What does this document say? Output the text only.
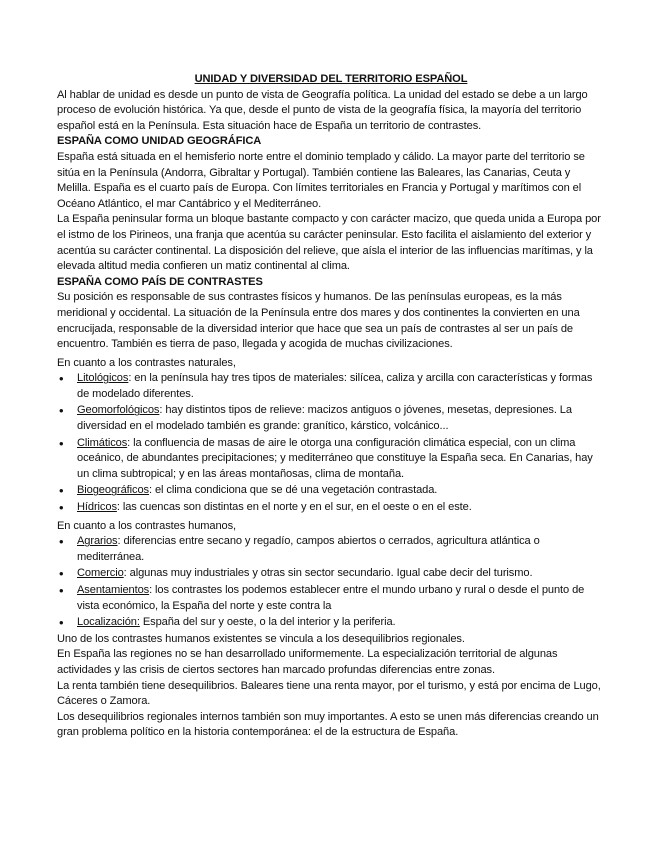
UNIDAD Y DIVERSIDAD DEL TERRITORIO ESPAÑOL

Al hablar de unidad es desde un punto de vista de Geografía política. La unidad del estado se debe a un largo proceso de evolución histórica. Ya que, desde el punto de vista de la geografía física, la mayoría del territorio español está en la Península. Esta situación hace de España un territorio de contrastes.

ESPAÑA COMO UNIDAD GEOGRÁFICA

España está situada en el hemisferio norte entre el dominio templado y cálido. La mayor parte del territorio se sitúa en la Península (Andorra, Gibraltar y Portugal). También contiene las Baleares, las Canarias, Ceuta y Melilla. España es el cuarto país de Europa. Con límites territoriales en Francia y Portugal y marítimos con el Océano Atlántico, el mar Cantábrico y el Mediterráneo.

La España peninsular forma un bloque bastante compacto y con carácter macizo, que queda unida a Europa por el istmo de los Pirineos, una franja que acentúa su carácter peninsular. Esto facilita el aislamiento del exterior y acentúa su carácter continental. La disposición del relieve, que aísla el interior de las influencias marítimas, y la elevada altitud media confieren un matiz continental al clima.

ESPAÑA COMO PAÍS DE CONTRASTES

Su posición es responsable de sus contrastes físicos y humanos. De las penínsulas europeas, es la más meridional y occidental. La situación de la Península entre dos mares y dos continentes la convierten en una encrucijada, responsable de la diversidad interior que hace que sea un país de contrastes al ser un país de encuentro. También es tierra de paso, llegada y acogida de muchas civilizaciones.

En cuanto a los contrastes naturales,

• Litológicos: en la península hay tres tipos de materiales: silícea, caliza y arcilla con características y formas de modelado diferentes.
• Geomorfológicos: hay distintos tipos de relieve: macizos antiguos o jóvenes, mesetas, depresiones. La diversidad en el modelado también es grande: granítico, kárstico, volcánico...
• Climáticos: la confluencia de masas de aire le otorga una configuración climática especial, con un clima oceánico, de abundantes precipitaciones; y mediterráneo que constituye la España seca. En Canarias, hay un clima subtropical; y en las áreas montañosas, clima de montaña.
• Biogeográficos: el clima condiciona que se dé una vegetación contrastada.
• Hídricos: las cuencas son distintas en el norte y en el sur, en el oeste o en el este.

En cuanto a los contrastes humanos,

• Agrarios: diferencias entre secano y regadío, campos abiertos o cerrados, agricultura atlántica o mediterránea.
• Comercio: algunas muy industriales y otras sin sector secundario. Igual cabe decir del turismo.
• Asentamientos: los contrastes los podemos establecer entre el mundo urbano y rural o desde el punto de vista económico, la España del norte y este contra la
• Localización: España del sur y oeste, o la del interior y la periferia.

Uno de los contrastes humanos existentes se vincula a los desequilibrios regionales.

En España las regiones no se han desarrollado uniformemente. La especialización territorial de algunas actividades y las crisis de ciertos sectores han marcado profundas diferencias entre zonas.

La renta también tiene desequilibrios. Baleares tiene una renta mayor, por el turismo, y está por encima de Lugo, Cáceres o Zamora.

Los desequilibrios regionales internos también son muy importantes. A esto se unen más diferencias creando un gran problema político en la historia contemporánea: el de la estructura de España.
